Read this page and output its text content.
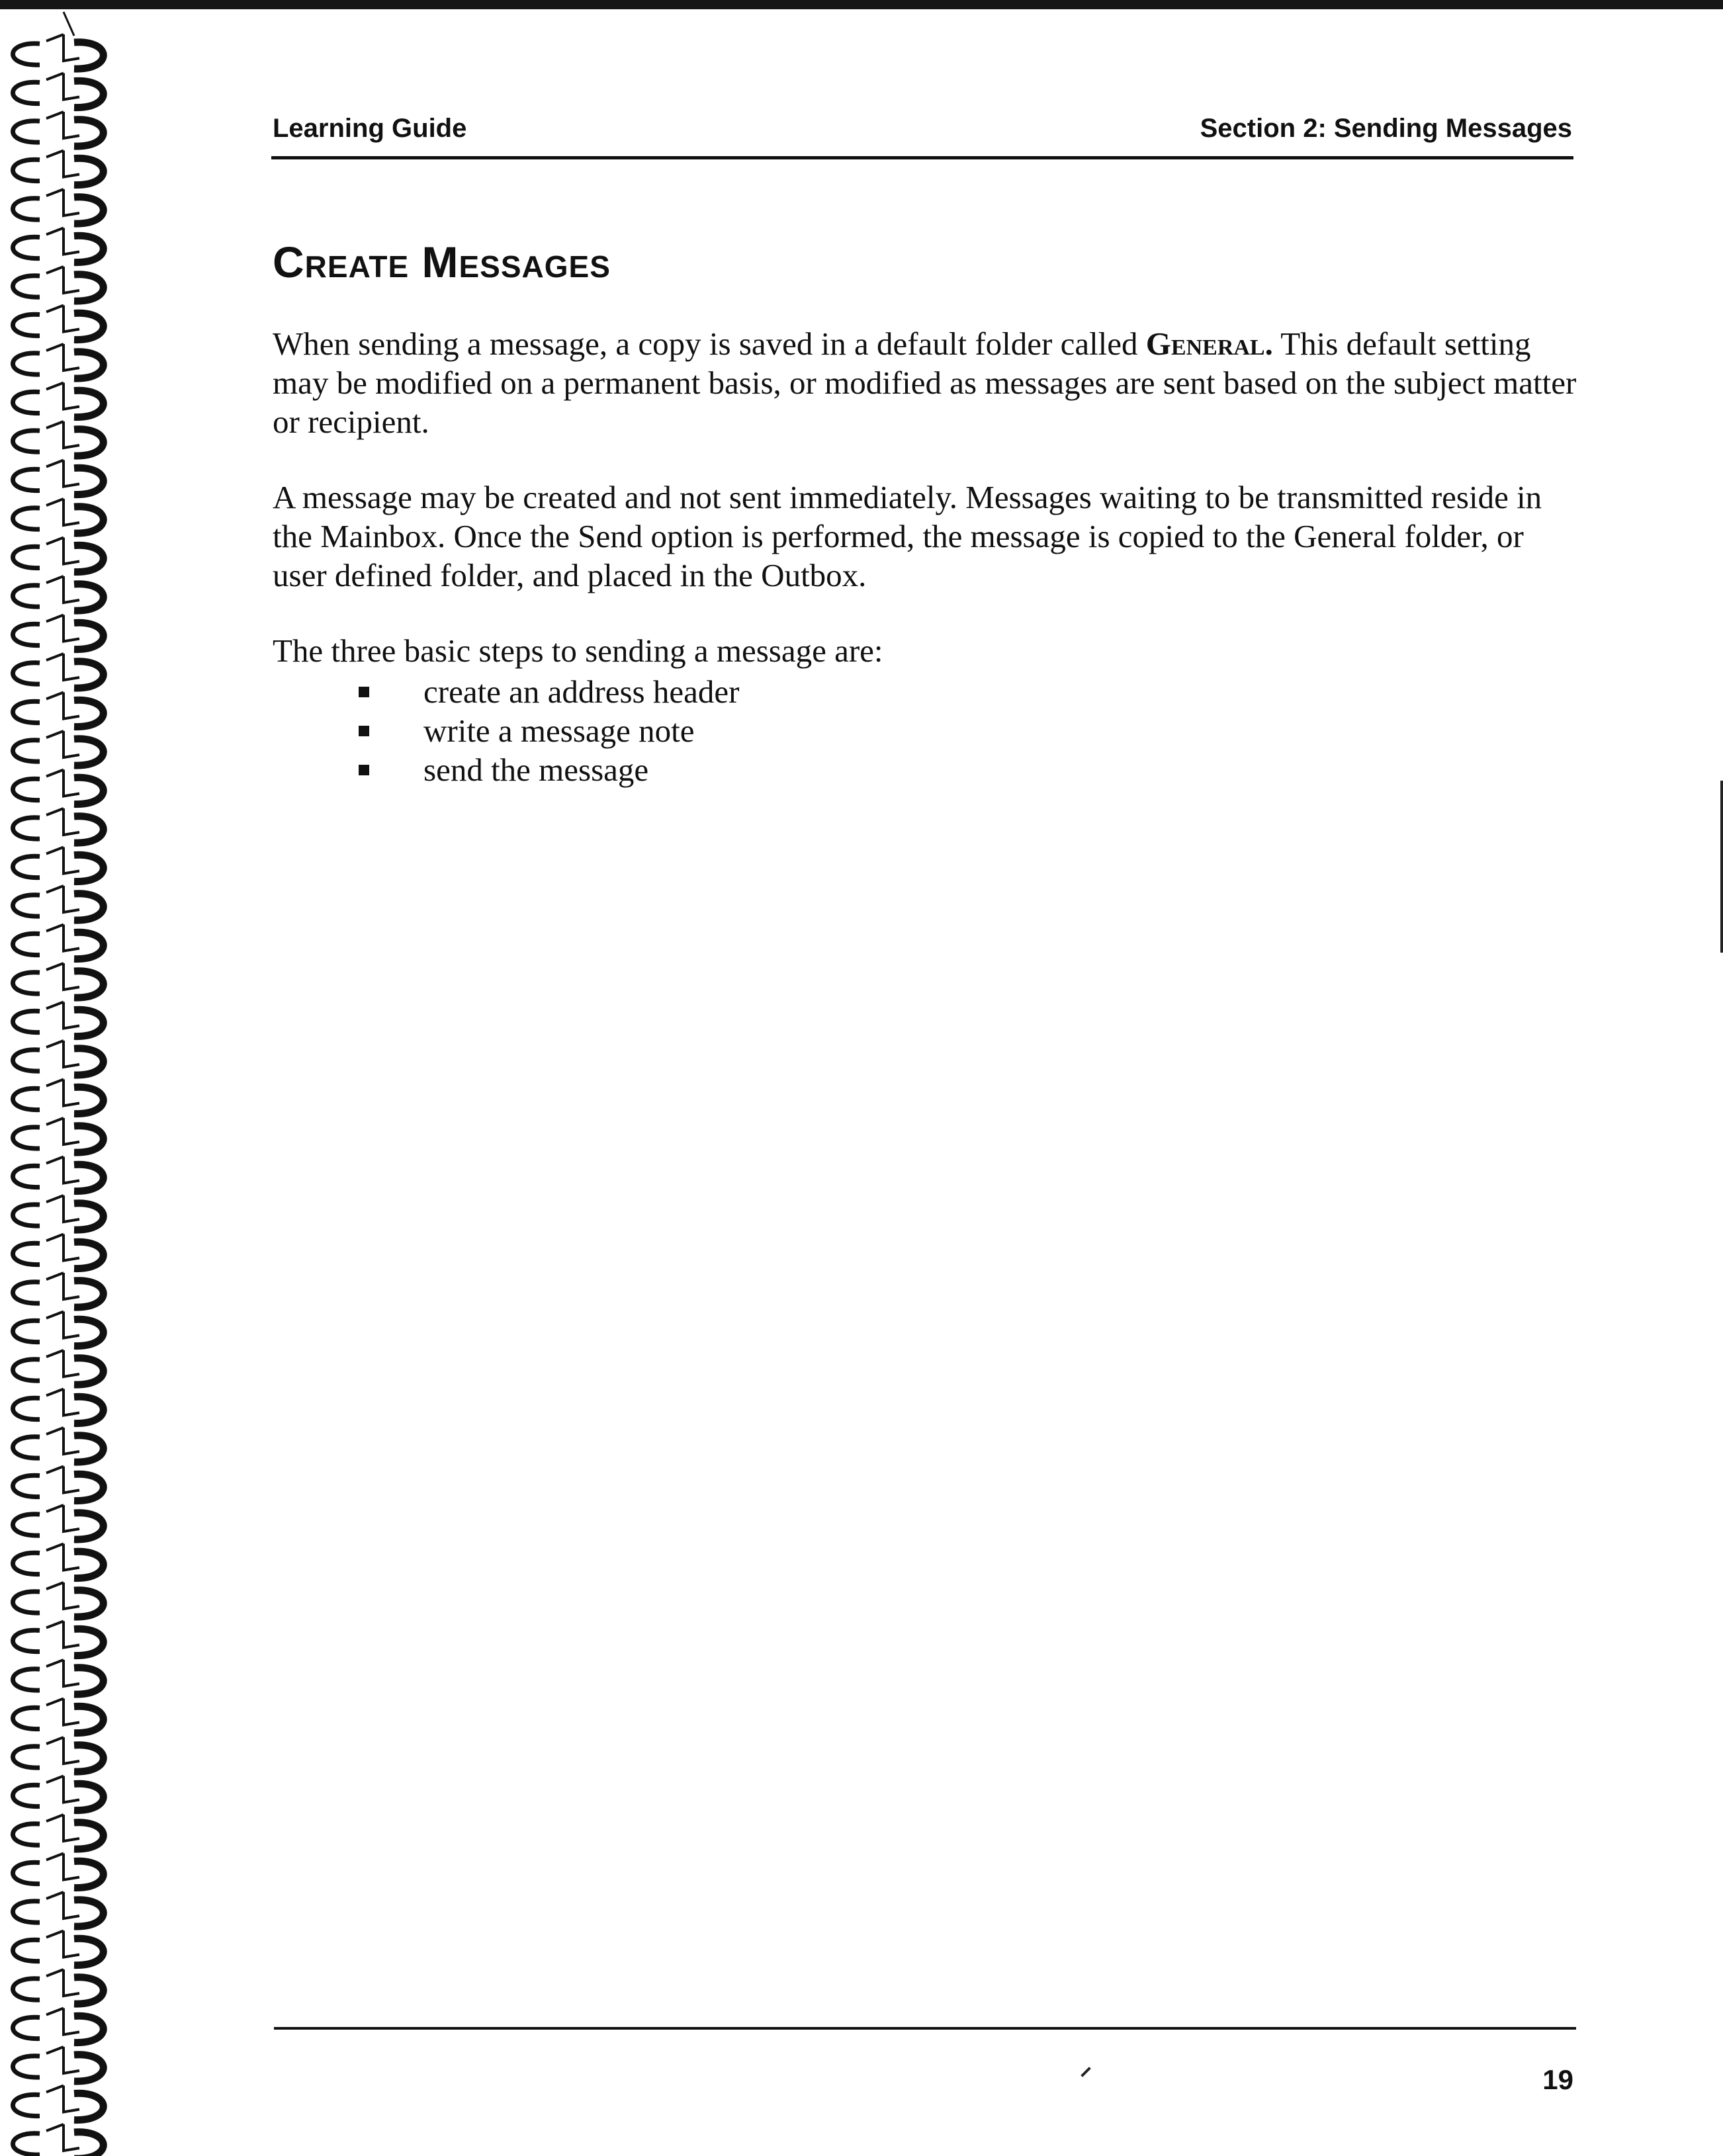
Learning Guide	Section 2: Sending Messages
Create Messages

When sending a message, a copy is saved in a default folder called General. This default setting may be modified on a permanent basis, or modified as messages are sent based on the subject matter or recipient.

A message may be created and not sent immediately. Messages waiting to be transmitted reside in the Mainbox. Once the Send option is performed, the message is copied to the General folder, or user defined folder, and placed in the Outbox.

The three basic steps to sending a message are:

create an address header
write a message note
send the message
19
